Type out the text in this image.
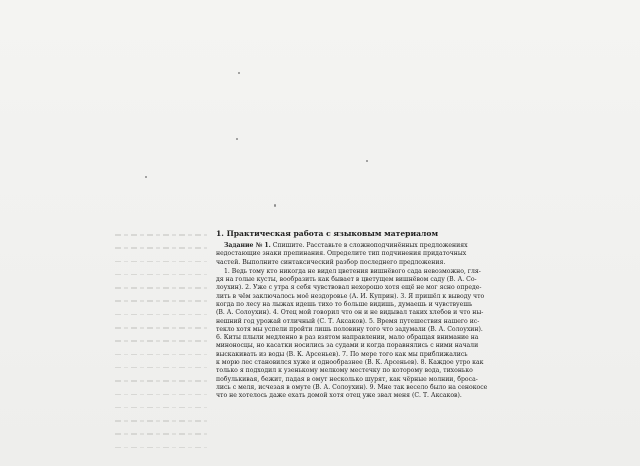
1. Практическая работа с языковым материалом

Задание № 1. Спишите. Расставьте в сложноподчинённых предложениях
недостающие знаки препинания. Определите тип подчинения придаточных
частей. Выполните синтаксический разбор последнего предложения.

1. Ведь тому кто никогда не видел цветения вишнёвого сада невозможно, гля-
дя на голые кусты, вообразить как бывает в цветущем вишнёвом саду (В. А. Со-
лоухин). 2. Уже с утра я себя чувствовал нехорошо хотя ещё не мог ясно опреде-
лить в чём заключалось моё нездоровье (А. И. Куприн). 3. Я пришёл к выводу что
когда по лесу на лыжах идешь тихо то больше видишь, думаешь и чувствуешь
(В. А. Солоухин). 4. Отец мой говорил что он и не видывал таких хлебов и что ны-
нешний год урожай отличный (С. Т. Аксаков). 5. Время путешествия нашего ис-
текло хотя мы успели пройти лишь половину того что задумали (В. А. Солоухин).
6. Киты плыли медленно в раз взятом направлении, мало обращая внимание на
миноносцы, но касатки носились за судами и когда поравнялись с ними начали
выскакивать из воды (В. К. Арсеньев). 7. По мере того как мы приближались
к морю лес становился хуже и однообразнее (В. К. Арсеньев). 8. Каждое утро как
только я подходил к узенькому мелкому местечку по которому вода, тихонько
побулькивая, бежит, падая в омут несколько шурят, как чёрные молнии, броса-
лись с меля, исчезая в омуте (В. А. Солоухин). 9. Мне так весело было на сенокосе
что не хотелось даже ехать домой хотя отец уже звал меня (С. Т. Аксаков).
